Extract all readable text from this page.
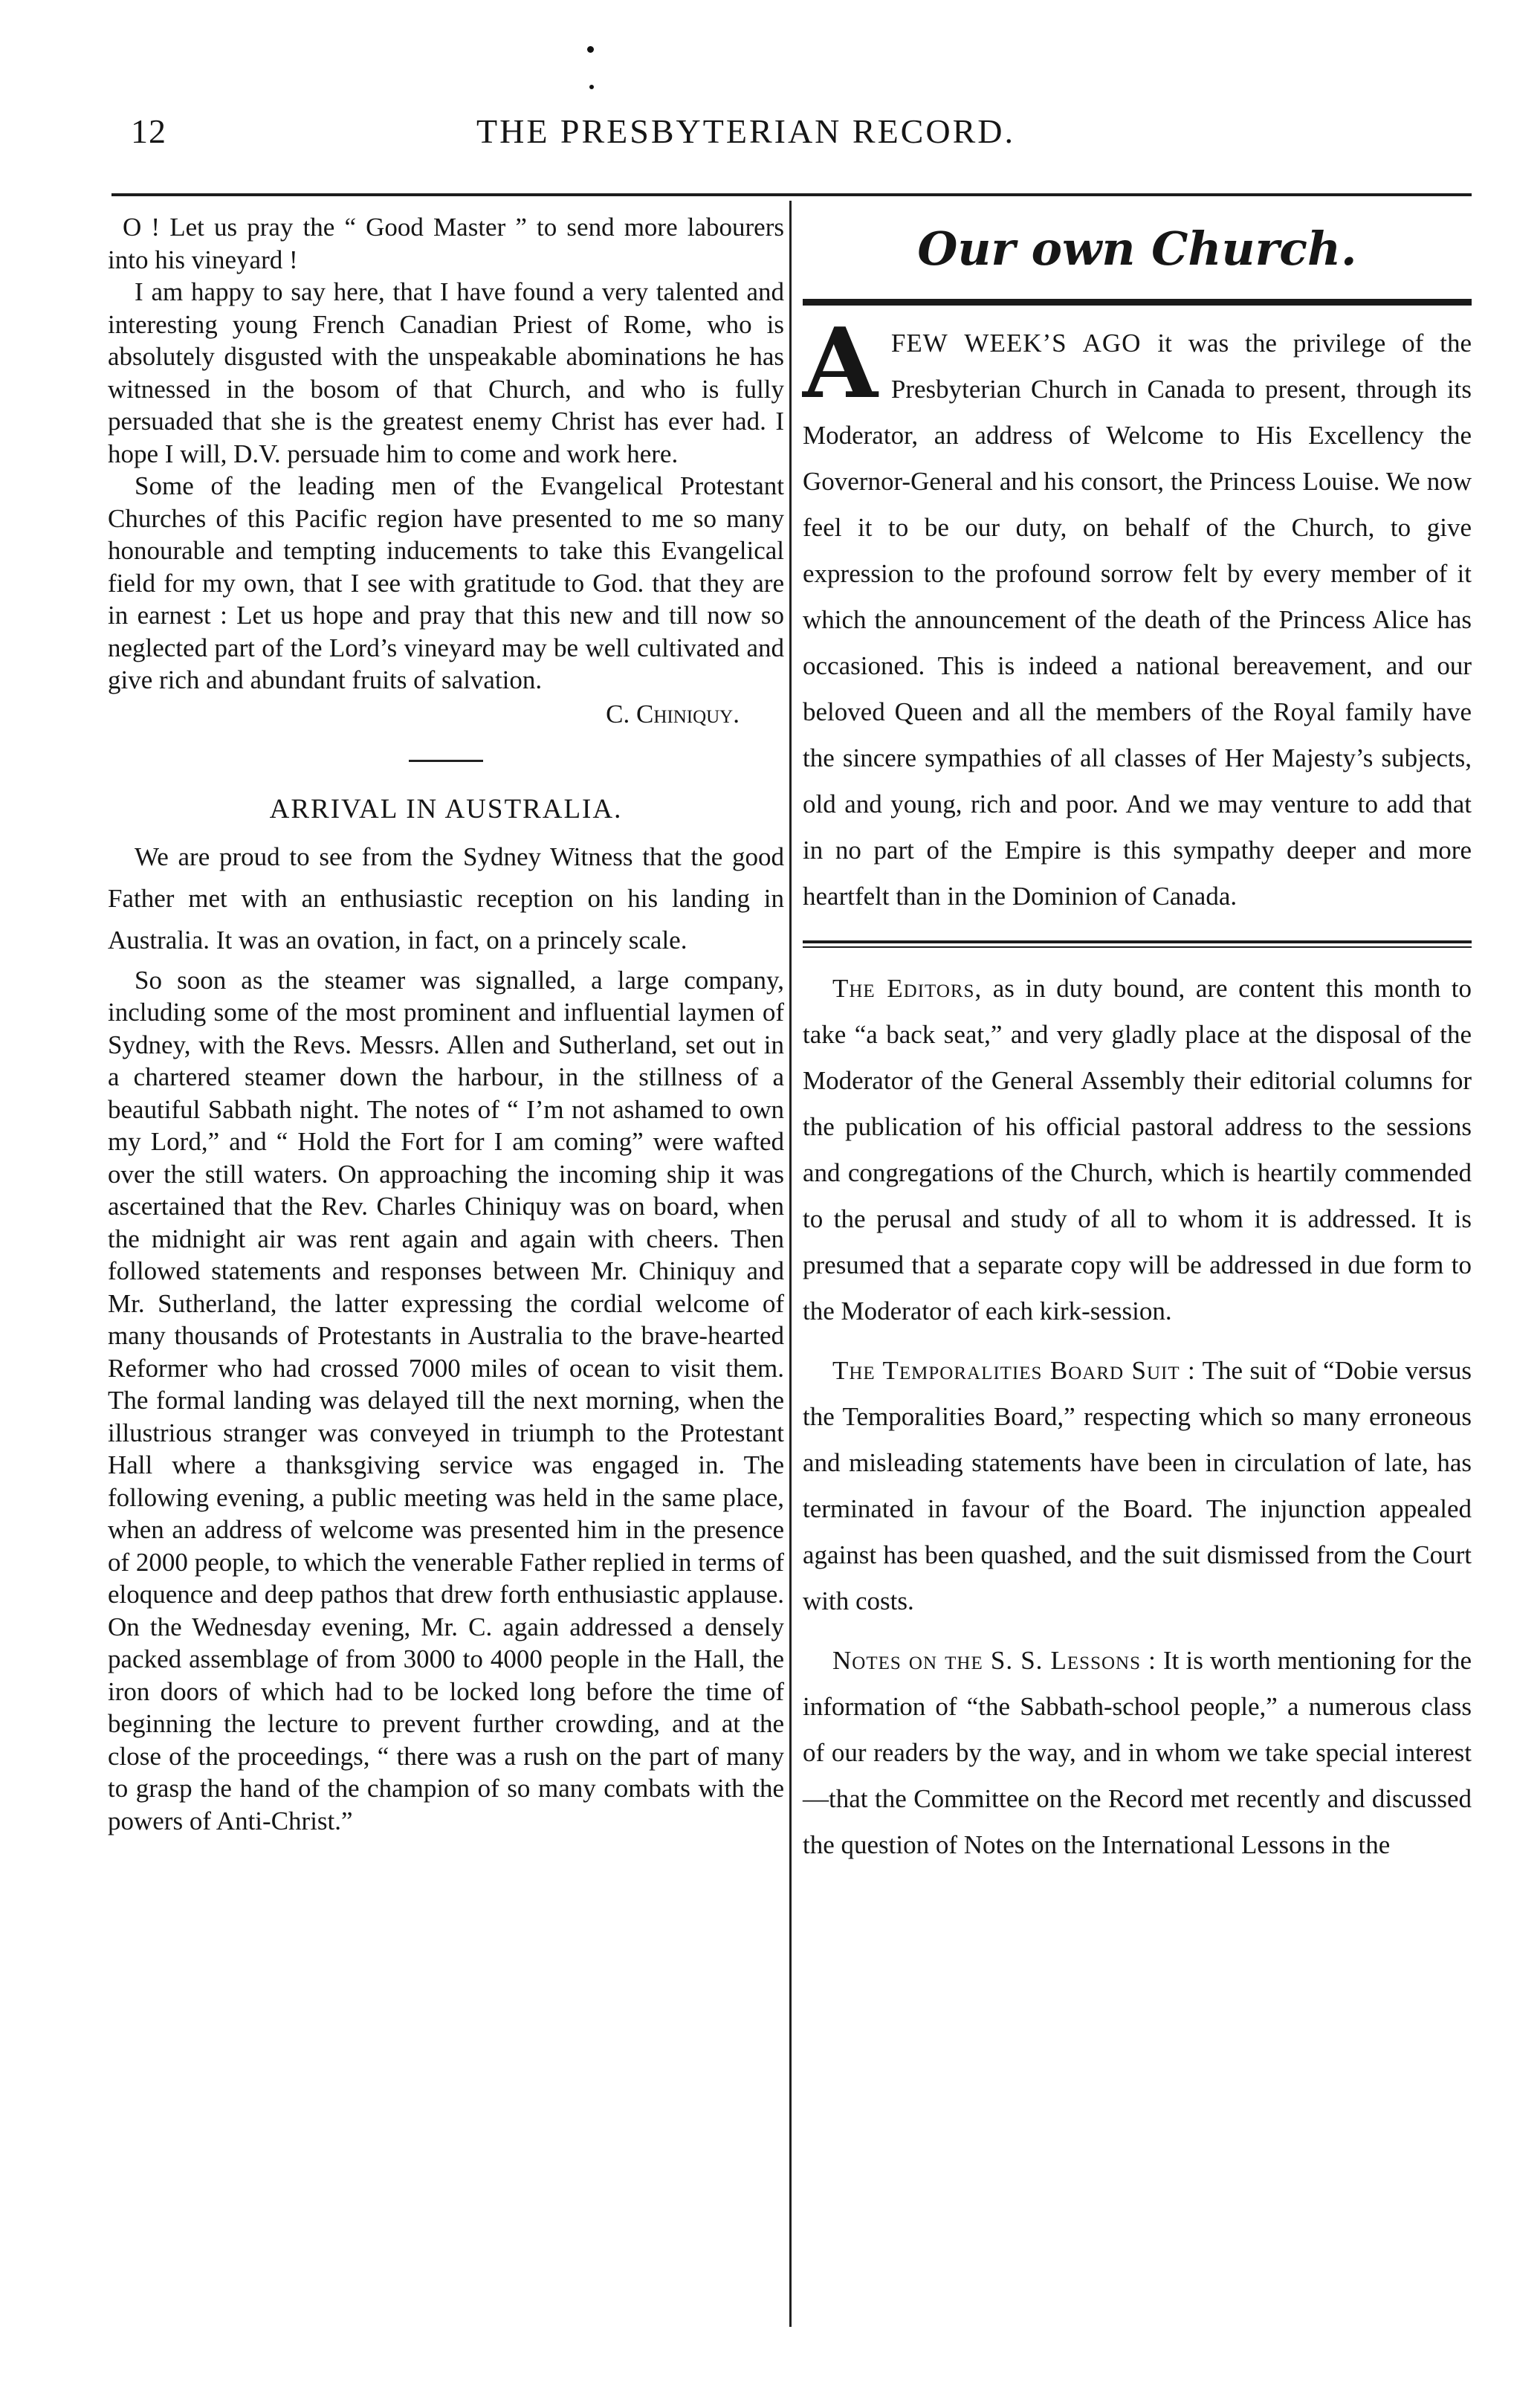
12	THE PRESBYTERIAN RECORD.

O ! Let us pray the “ Good Master ” to send more labourers into his vineyard !

I am happy to say here, that I have found a very talented and interesting young French Canadian Priest of Rome, who is absolutely disgusted with the unspeakable abominations he has witnessed in the bosom of that Church, and who is fully persuaded that she is the greatest enemy Christ has ever had. I hope I will, D.V. persuade him to come and work here.

Some of the leading men of the Evangelical Protestant Churches of this Pacific region have presented to me so many honourable and tempting inducements to take this Evangelical field for my own, that I see with gratitude to God. that they are in earnest : Let us hope and pray that this new and till now so neglected part of the Lord’s vineyard may be well cultivated and give rich and abundant fruits of salvation.

C. Chiniquy.
ARRIVAL IN AUSTRALIA.

We are proud to see from the Sydney Witness that the good Father met with an enthusiastic reception on his landing in Australia. It was an ovation, in fact, on a princely scale.

So soon as the steamer was signalled, a large company, including some of the most prominent and influential laymen of Sydney, with the Revs. Messrs. Allen and Sutherland, set out in a chartered steamer down the harbour, in the stillness of a beautiful Sabbath night. The notes of “ I’m not ashamed to own my Lord,” and “ Hold the Fort for I am coming” were wafted over the still waters. On approaching the incoming ship it was ascertained that the Rev. Charles Chiniquy was on board, when the midnight air was rent again and again with cheers. Then followed statements and responses between Mr. Chiniquy and Mr. Sutherland, the latter expressing the cordial welcome of many thousands of Protestants in Australia to the brave-hearted Reformer who had crossed 7000 miles of ocean to visit them. The formal landing was delayed till the next morning, when the illustrious stranger was conveyed in triumph to the Protestant Hall where a thanksgiving service was engaged in. The following evening, a public meeting was held in the same place, when an address of welcome was presented him in the presence of 2000 people, to which the venerable Father replied in terms of eloquence and deep pathos that drew forth enthusiastic applause. On the Wednesday evening, Mr. C. again addressed a densely packed assemblage of from 3000 to 4000 people in the Hall, the iron doors of which had to be locked long before the time of beginning the lecture to prevent further crowding, and at the close of the proceedings, “ there was a rush on the part of many to grasp the hand of the champion of so many combats with the powers of Anti-Christ.”

Our own Church.

A FEW WEEK’S AGO it was the privilege of the Presbyterian Church in Canada to present, through its Moderator, an address of Welcome to His Excellency the Governor-General and his consort, the Princess Louise. We now feel it to be our duty, on behalf of the Church, to give expression to the profound sorrow felt by every member of it which the announcement of the death of the Princess Alice has occasioned. This is indeed a national bereavement, and our beloved Queen and all the members of the Royal family have the sincere sympathies of all classes of Her Majesty’s subjects, old and young, rich and poor. And we may venture to add that in no part of the Empire is this sympathy deeper and more heartfelt than in the Dominion of Canada.

The Editors, as in duty bound, are content this month to take “a back seat,” and very gladly place at the disposal of the Moderator of the General Assembly their editorial columns for the publication of his official pastoral address to the sessions and congregations of the Church, which is heartily commended to the perusal and study of all to whom it is addressed. It is presumed that a separate copy will be addressed in due form to the Moderator of each kirk-session.

The Temporalities Board Suit : The suit of “Dobie versus the Temporalities Board,” respecting which so many erroneous and misleading statements have been in circulation of late, has terminated in favour of the Board. The injunction appealed against has been quashed, and the suit dismissed from the Court with costs.

Notes on the S. S. Lessons : It is worth mentioning for the information of “the Sabbath-school people,” a numerous class of our readers by the way, and in whom we take special interest—that the Committee on the Record met recently and discussed the question of Notes on the International Lessons in the
